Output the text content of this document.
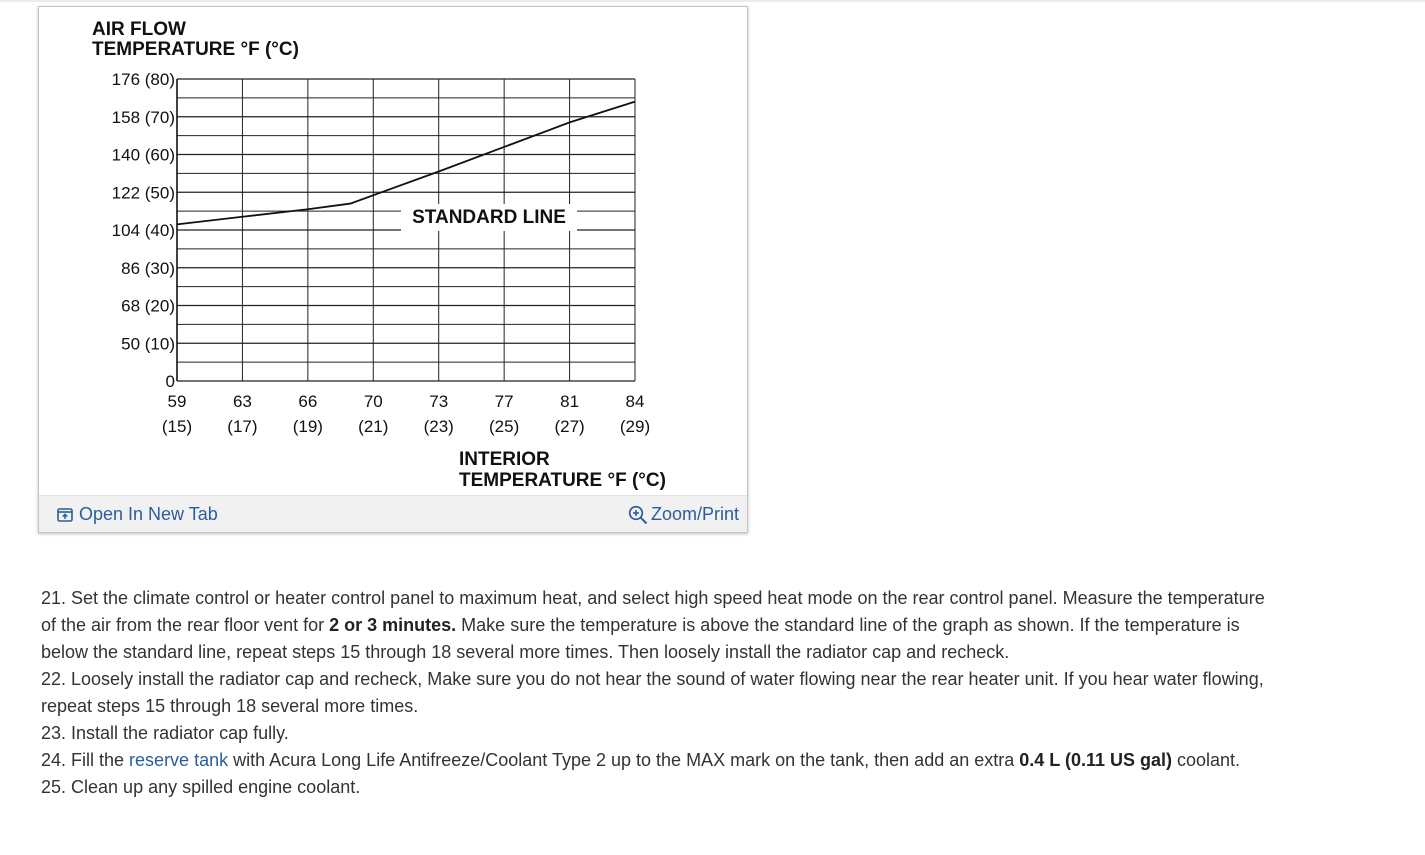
AIR FLOW
TEMPERATURE °F (°C)
INTERIOR
TEMPERATURE °F (°C)
176 (80)
158 (70)
140 (60)
122 (50)
104 (40)
86 (30)
68 (20)
50 (10)
0
59
(15)
63
(17)
66
(19)
70
(21)
73
(23)
77
(25)
81
(27)
84
(29)
STANDARD LINE
Open In New Tab	Zoom/Print

21. Set the climate control or heater control panel to maximum heat, and select high speed heat mode on the rear control panel. Measure the temperature of the air from the rear floor vent for 2 or 3 minutes. Make sure the temperature is above the standard line of the graph as shown. If the temperature is below the standard line, repeat steps 15 through 18 several more times. Then loosely install the radiator cap and recheck.

22. Loosely install the radiator cap and recheck, Make sure you do not hear the sound of water flowing near the rear heater unit. If you hear water flowing, repeat steps 15 through 18 several more times.

23. Install the radiator cap fully.

24. Fill the reserve tank with Acura Long Life Antifreeze/Coolant Type 2 up to the MAX mark on the tank, then add an extra 0.4 L (0.11 US gal) coolant.

25. Clean up any spilled engine coolant.
